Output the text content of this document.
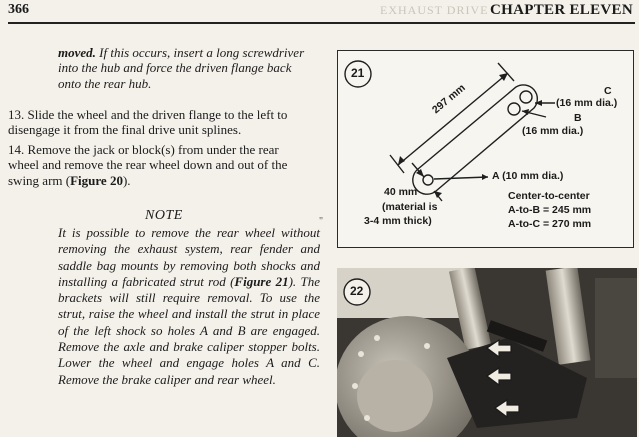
366	EXHAUST DRIVE CHAPTER ELEVEN
moved. If this occurs, insert a long screwdriver into the hub and force the driven flange back onto the rear hub.
13. Slide the wheel and the driven flange to the left to disengage it from the final drive unit splines.
14. Remove the jack or block(s) from under the rear wheel and remove the rear wheel down and out of the swing arm (Figure 20).
NOTE
It is possible to remove the rear wheel without removing the exhaust system, rear fender and saddle bag mounts by removing both shocks and installing a fabricated strut rod (Figure 21). The brackets will still require removal. To use the strut, raise the wheel and install the strut in place of the left shock so holes A and B are engaged. Remove the axle and brake caliper stopper bolts. Lower the wheel and engage holes A and C. Remove the brake caliper and rear wheel.
"
21
297 mm	C
(16 mm dia.)
B
(16 mm dia.)
A (10 mm dia.)
40 mm
(material is
3-4 mm thick)
Center-to-center
A-to-B = 245 mm
A-to-C = 270 mm
22
